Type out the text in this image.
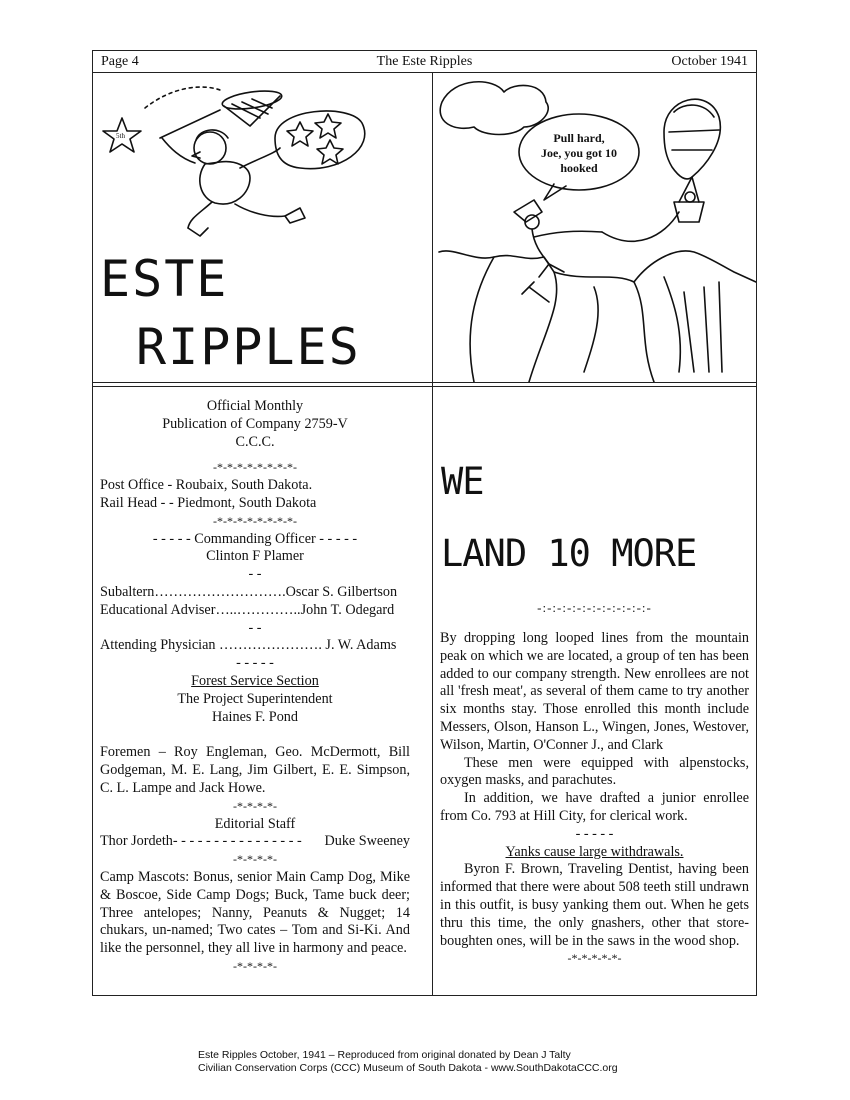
Page 4	The Este Ripples	October 1941
5th
ESTE
RIPPLES
Pull hard,
Joe, you got 10
hooked

Official Monthly

Publication of Company 2759-V

C.C.C.

-*-*-*-*-*-*-*-*-

Post Office - Roubaix, South Dakota.

Rail Head - - Piedmont, South Dakota

-*-*-*-*-*-*-*-*-

- - - - - Commanding Officer - - - - -

Clinton F Plamer

- -

Subaltern……………………….Oscar S. Gilbertson

Educational Adviser…..…………..John T. Odegard

- -

Attending Physician …………………. J. W. Adams

- - - - -

Forest Service Section

The Project Superintendent

Haines F. Pond

Foremen – Roy Engleman, Geo. McDermott, Bill Godgeman, M. E. Lang, Jim Gilbert, E. E. Simpson, C. L. Lampe and Jack Howe.

-*-*-*-*-

Editorial Staff

Thor Jordeth - - - - - - - - - - - - - - - -	Duke Sweeney

-*-*-*-*-

Camp Mascots: Bonus, senior Main Camp Dog, Mike & Boscoe, Side Camp Dogs; Buck, Tame buck deer; Three antelopes; Nanny, Peanuts & Nugget; 14 chukars, un-named; Two cates – Tom and Si-Ki. And like the personnel, they all live in harmony and peace.

-*-*-*-*-

WE
LAND 10 MORE
-:-:-:-:-:-:-:-:-:-:-:-

By dropping long looped lines from the mountain peak on which we are located, a group of ten has been added to our company strength. New enrollees are not all 'fresh meat', as several of them came to try another six months stay. Those enrolled this month include Messers, Olson, Hanson L., Wingen, Jones, Westover, Wilson, Martin, O'Conner J., and Clark

These men were equipped with alpenstocks, oxygen masks, and parachutes.

In addition, we have drafted a junior enrollee from Co. 793 at Hill City, for clerical work.

- - - - -

Yanks cause large withdrawals.

Byron F. Brown, Traveling Dentist, having been informed that there were about 508 teeth still undrawn in this outfit, is busy yanking them out. When he gets thru this time, the only gnashers, other that store-boughten ones, will be in the saws in the wood shop.

-*-*-*-*-*-

Este Ripples October, 1941 – Reproduced from original donated by Dean J Talty
Civilian Conservation Corps (CCC) Museum of South Dakota - www.SouthDakotaCCC.org
